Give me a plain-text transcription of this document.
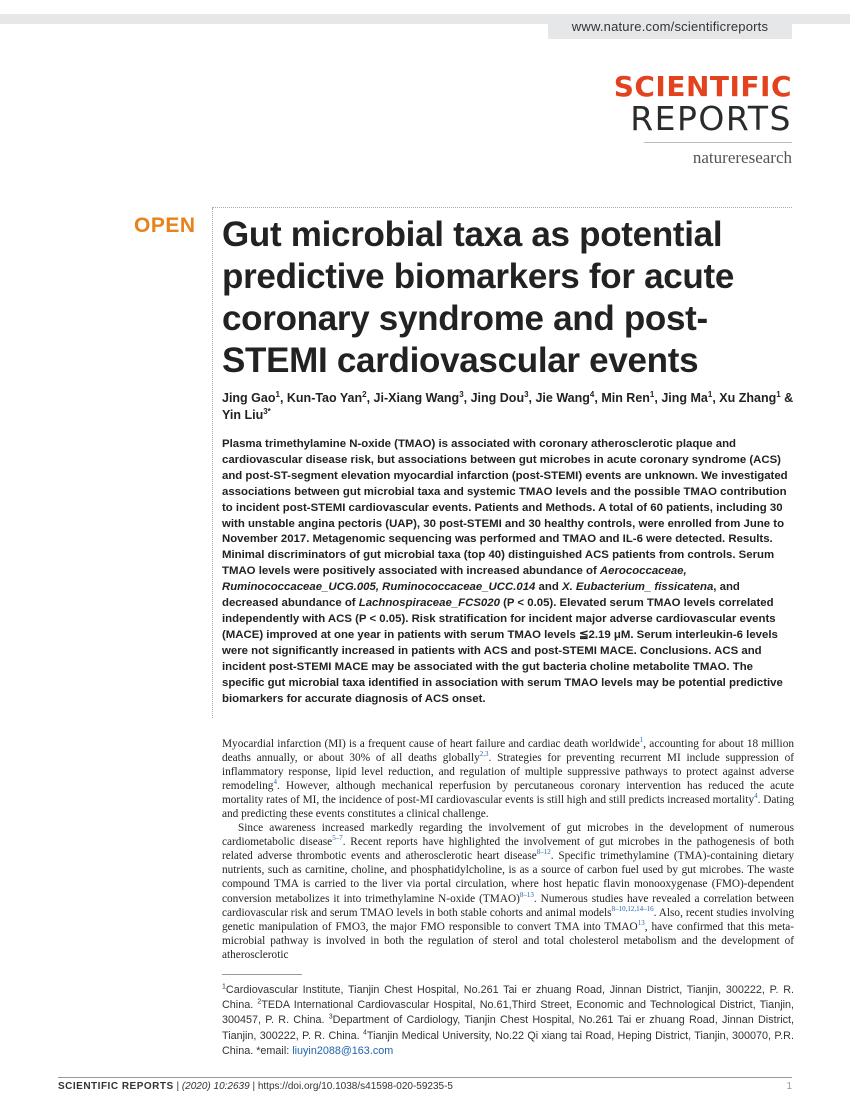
www.nature.com/scientificreports
SCIENTIFIC
REPORTS
natureresearch
OPEN Gut microbial taxa as potential predictive biomarkers for acute coronary syndrome and post-STEMI cardiovascular events
Jing Gao$^1$, Kun-Tao Yan$^2$, Ji-Xiang Wang$^3$, Jing Dou$^3$, Jie Wang$^4$, Min Ren$^1$, Jing Ma$^1$, Xu Zhang$^1$ & Yin Liu$^{3*}$
Plasma trimethylamine N-oxide (TMAO) is associated with coronary atherosclerotic plaque and cardiovascular disease risk, but associations between gut microbes in acute coronary syndrome (ACS) and post-ST-segment elevation myocardial infarction (post-STEMI) events are unknown. We investigated associations between gut microbial taxa and systemic TMAO levels and the possible TMAO contribution to incident post-STEMI cardiovascular events. Patients and Methods. A total of 60 patients, including 30 with unstable angina pectoris (UAP), 30 post-STEMI and 30 healthy controls, were enrolled from June to November 2017. Metagenomic sequencing was performed and TMAO and IL-6 were detected. Results. Minimal discriminators of gut microbial taxa (top 40) distinguished ACS patients from controls. Serum TMAO levels were positively associated with increased abundance of Aerococcaceae, Ruminococcaceae_UCG.005, Ruminococcaceae_UCC.014 and X. Eubacterium_ fissicatena, and decreased abundance of Lachnospiraceae_FCS020 (P < 0.05). Elevated serum TMAO levels correlated independently with ACS (P < 0.05). Risk stratification for incident major adverse cardiovascular events (MACE) improved at one year in patients with serum TMAO levels ≦2.19 μM. Serum interleukin-6 levels were not significantly increased in patients with ACS and post-STEMI MACE. Conclusions. ACS and incident post-STEMI MACE may be associated with the gut bacteria choline metabolite TMAO. The specific gut microbial taxa identified in association with serum TMAO levels may be potential predictive biomarkers for accurate diagnosis of ACS onset.

Myocardial infarction (MI) is a frequent cause of heart failure and cardiac death worldwide$^1$, accounting for about 18 million deaths annually, or about 30% of all deaths globally$^{2,3}$. Strategies for preventing recurrent MI include suppression of inflammatory response, lipid level reduction, and regulation of multiple suppressive pathways to protect against adverse remodeling$^4$. However, although mechanical reperfusion by percutaneous coronary intervention has reduced the acute mortality rates of MI, the incidence of post-MI cardiovascular events is still high and still predicts increased mortality$^4$. Dating and predicting these events constitutes a clinical challenge.

Since awareness increased markedly regarding the involvement of gut microbes in the development of numerous cardiometabolic disease$^{5-7}$. Recent reports have highlighted the involvement of gut microbes in the pathogenesis of both related adverse thrombotic events and atherosclerotic heart disease$^{8-12}$. Specific trimethylamine (TMA)-containing dietary nutrients, such as carnitine, choline, and phosphatidylcholine, is as a source of carbon fuel used by gut microbes. The waste compound TMA is carried to the liver via portal circulation, where host hepatic flavin monooxygenase (FMO)-dependent conversion metabolizes it into trimethylamine N-oxide (TMAO)$^{8-13}$. Numerous studies have revealed a correlation between cardiovascular risk and serum TMAO levels in both stable cohorts and animal models$^{8-10,12,14-16}$. Also, recent studies involving genetic manipulation of FMO3, the major FMO responsible to convert TMA into TMAO$^{13}$, have confirmed that this meta-microbial pathway is involved in both the regulation of sterol and total cholesterol metabolism and the development of atherosclerotic

$^1$Cardiovascular Institute, Tianjin Chest Hospital, No.261 Tai er zhuang Road, Jinnan District, Tianjin, 300222, P. R. China. $^2$TEDA International Cardiovascular Hospital, No.61,Third Street, Economic and Technological District, Tianjin, 300457, P. R. China. $^3$Department of Cardiology, Tianjin Chest Hospital, No.261 Tai er zhuang Road, Jinnan District, Tianjin, 300222, P. R. China. $^4$Tianjin Medical University, No.22 Qi xiang tai Road, Heping District, Tianjin, 300070, P.R. China. *email: liuyin2088@163.com
SCIENTIFIC REPORTS | (2020) 10:2639 | https://doi.org/10.1038/s41598-020-59235-5	1
